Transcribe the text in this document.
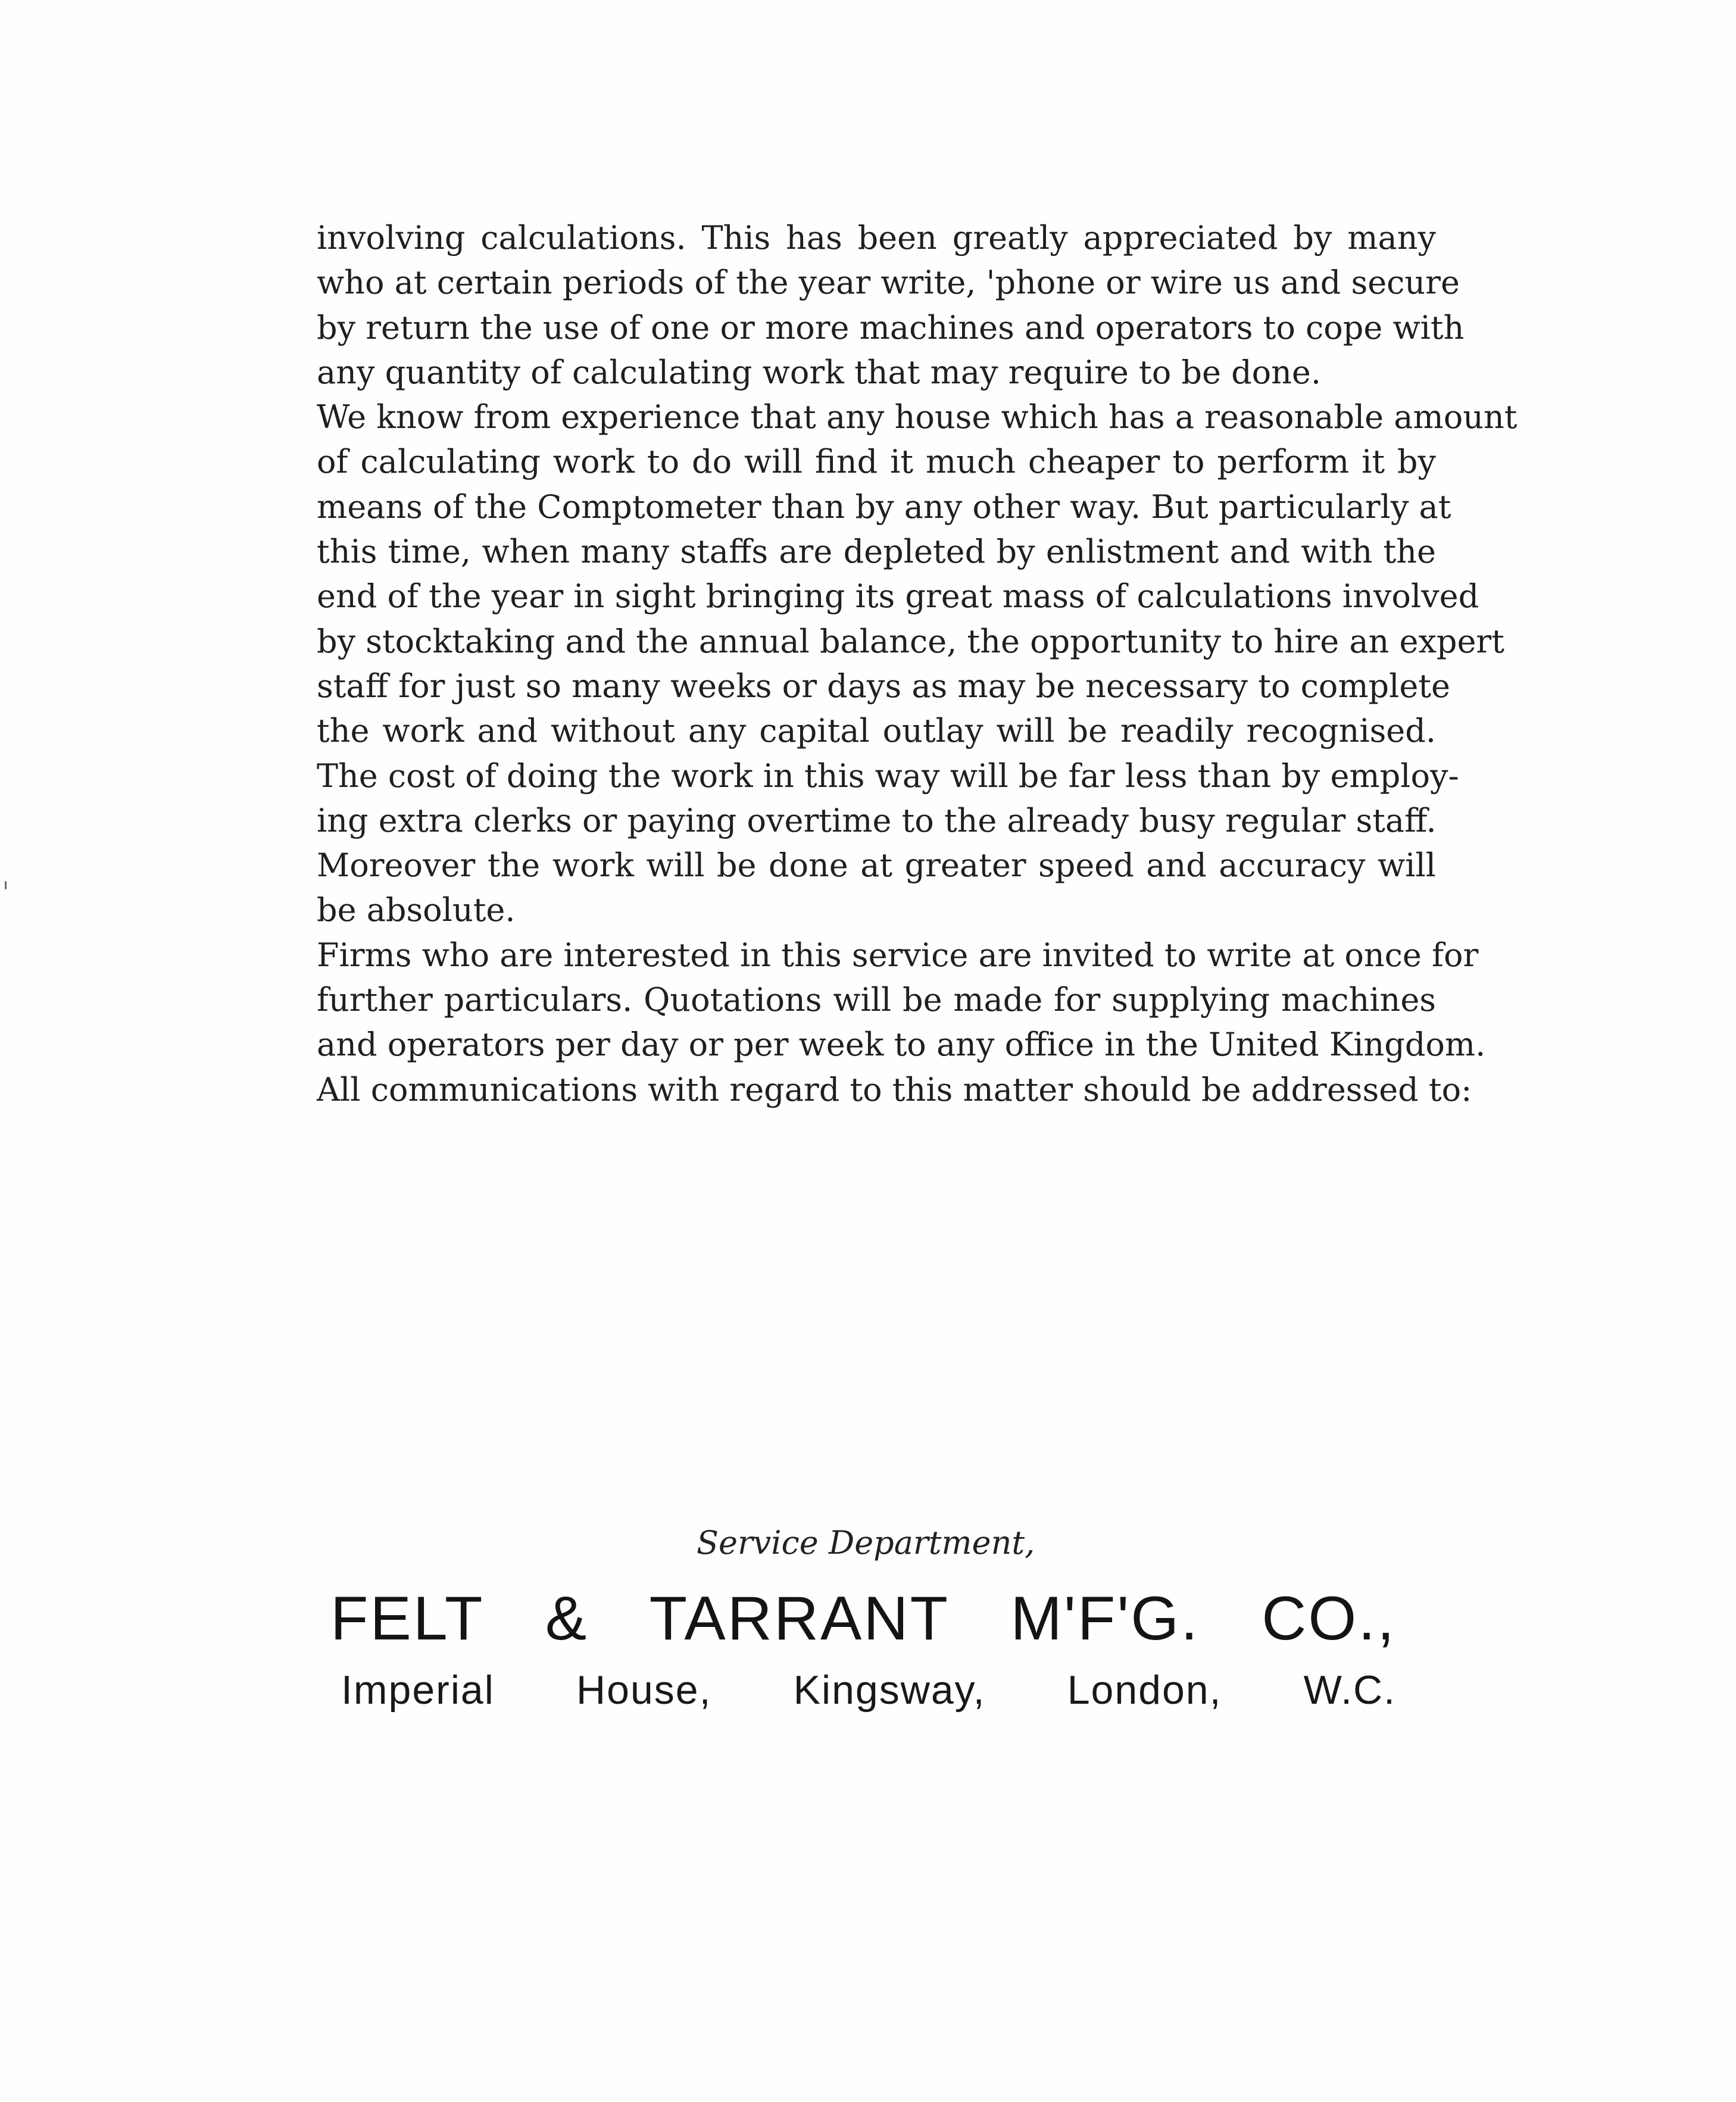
involving calculations. This has been greatly appreciated by many
who at certain periods of the year write, 'phone or wire us and secure
by return the use of one or more machines and operators to cope with
any quantity of calculating work that may require to be done.
We know from experience that any house which has a reasonable amount
of calculating work to do will find it much cheaper to perform it by
means of the Comptometer than by any other way. But particularly at
this time, when many staffs are depleted by enlistment and with the
end of the year in sight bringing its great mass of calculations involved
by stocktaking and the annual balance, the opportunity to hire an expert
staff for just so many weeks or days as may be necessary to complete
the work and without any capital outlay will be readily recognised.
The cost of doing the work in this way will be far less than by employ-
ing extra clerks or paying overtime to the already busy regular staff.
Moreover the work will be done at greater speed and accuracy will
be absolute.
Firms who are interested in this service are invited to write at once for
further particulars. Quotations will be made for supplying machines
and operators per day or per week to any office in the United Kingdom.
All communications with regard to this matter should be addressed to:
Service Department,
FELT & TARRANT M'F'G. CO.,
Imperial House, Kingsway, London, W.C.
